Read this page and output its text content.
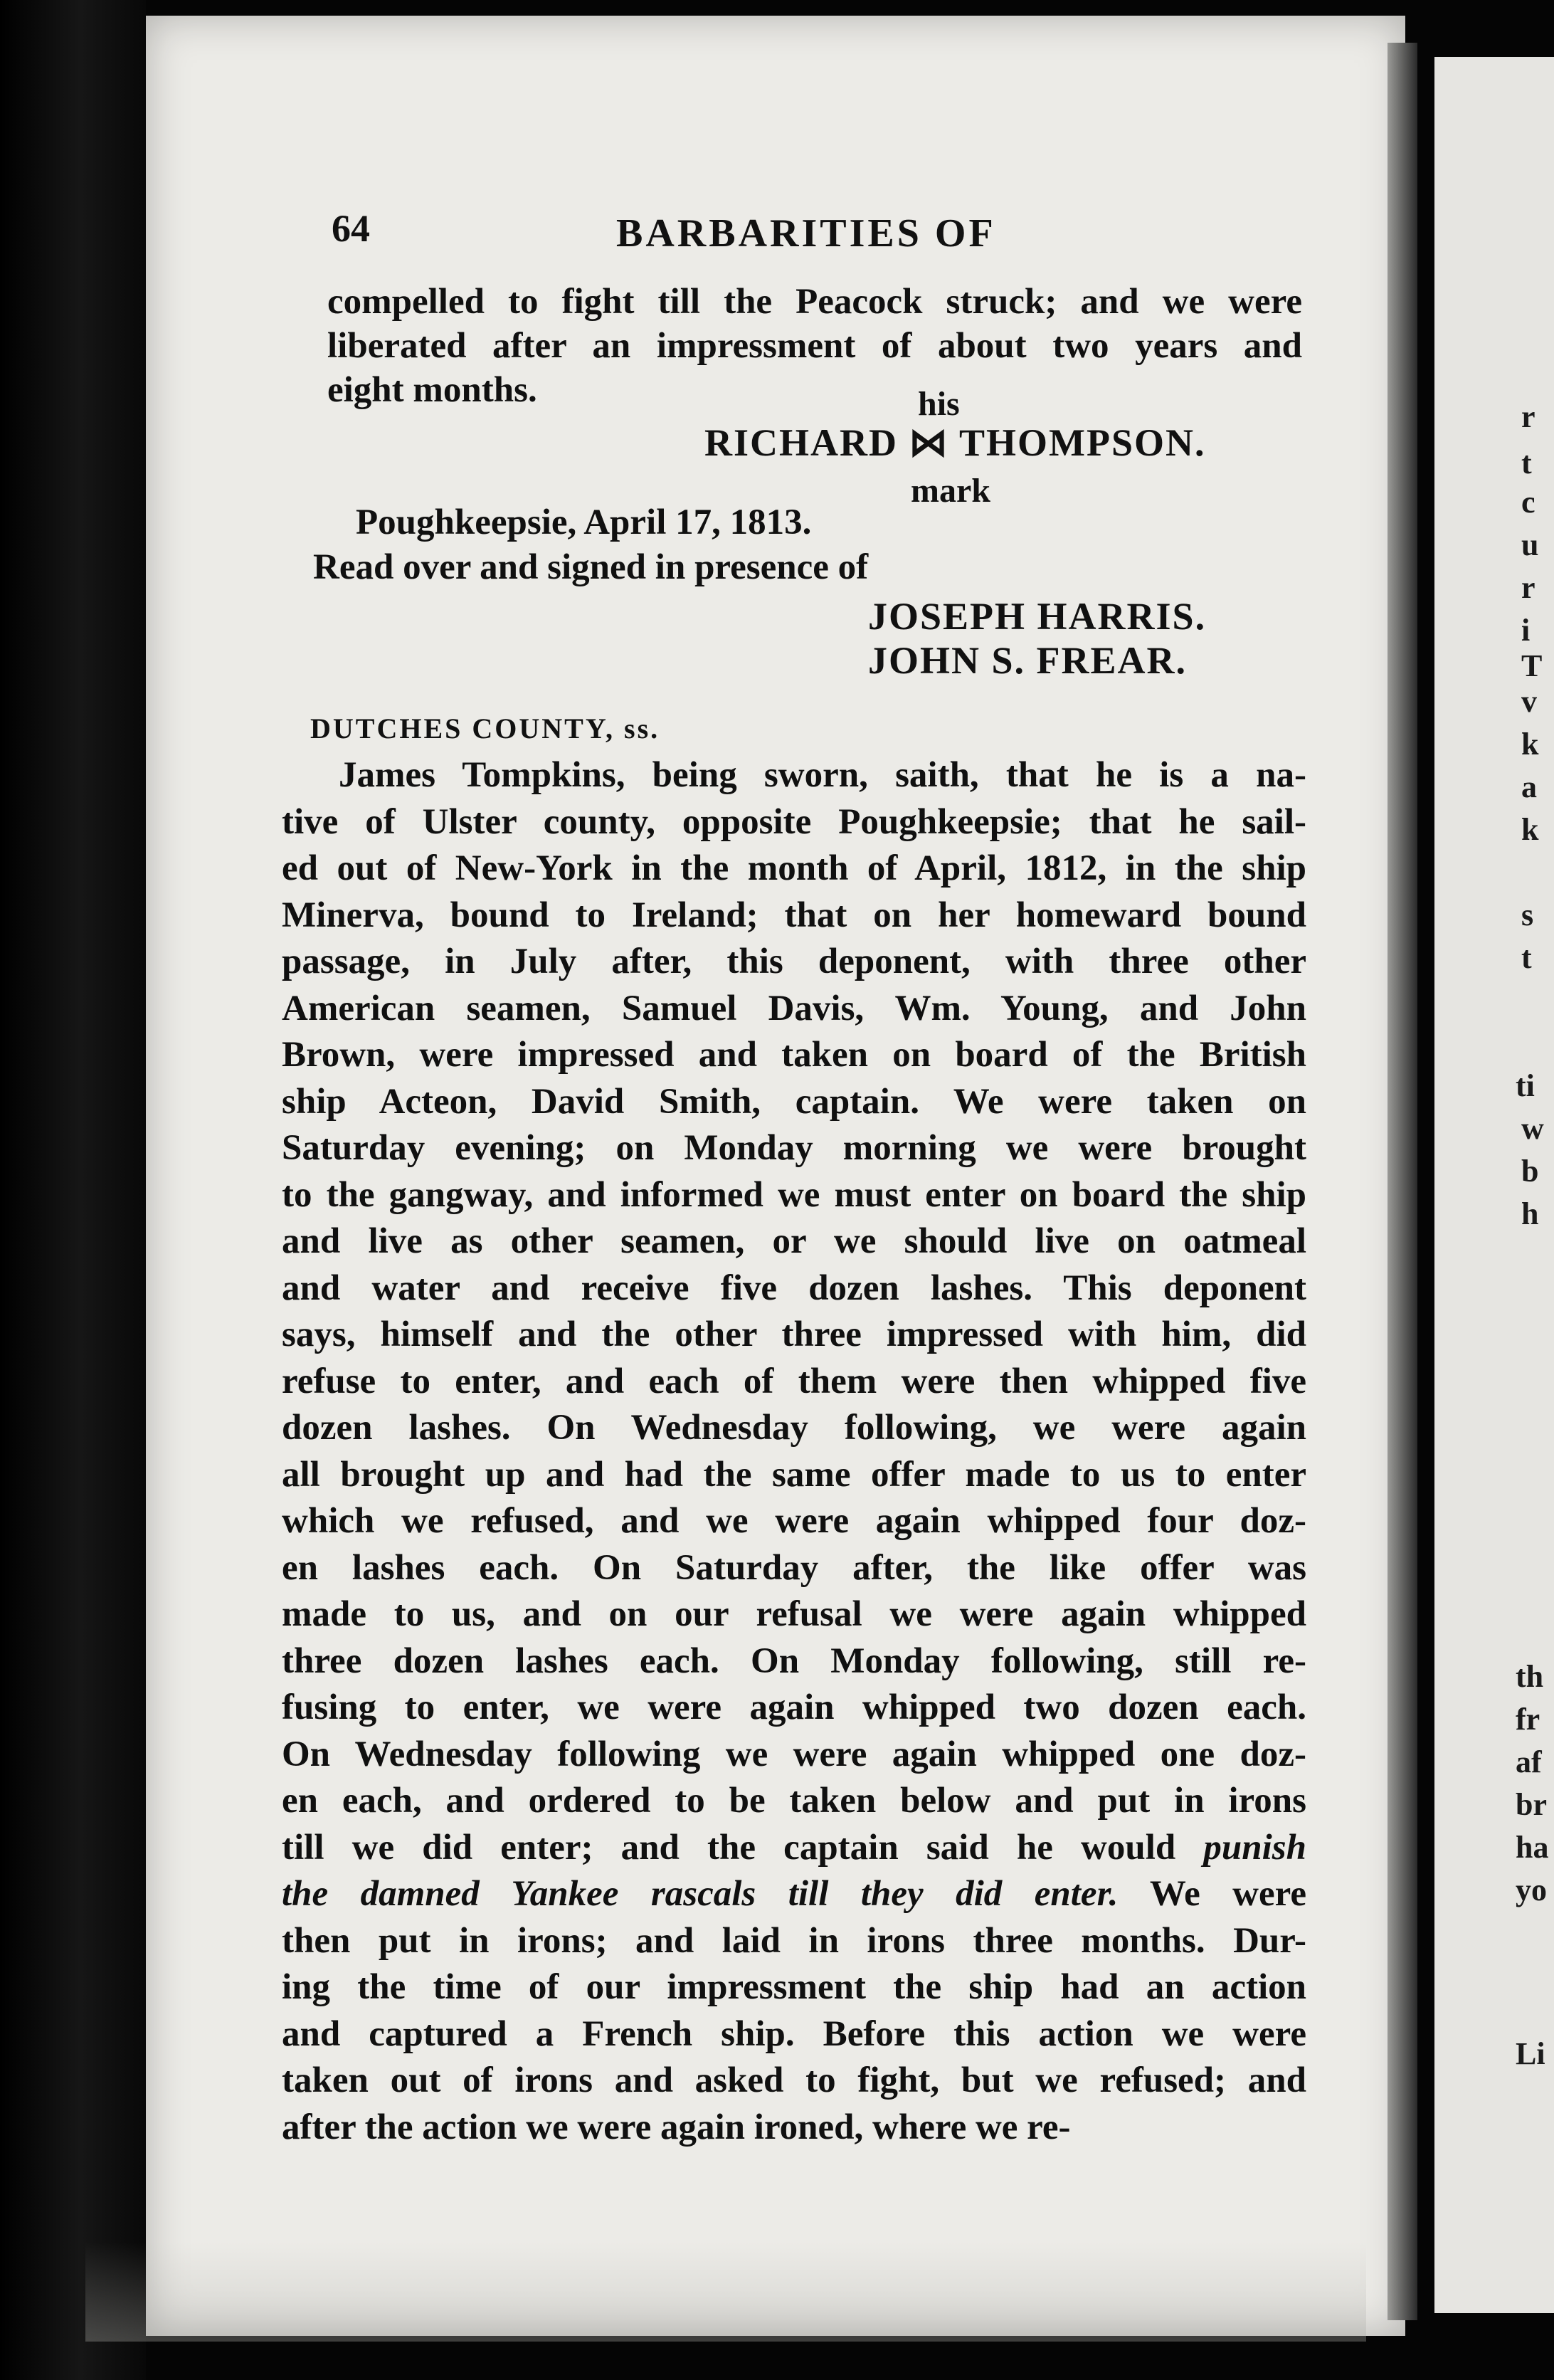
r
t
c
u
r
i
T
v
k
a
k
s
t
ti
w
b
h
th
fr
af
br
ha
yo
Li
64	BARBARITIES OF
compelled to fight till the Peacock struck; and we were
liberated after an impressment of about two years and
eight months.	his
RICHARD ⋈ THOMPSON.
mark
Poughkeepsie, April 17, 1813.
Read over and signed in presence of
JOSEPH HARRIS.
JOHN S. FREAR.
DUTCHES COUNTY, ss.
James Tompkins, being sworn, saith, that he is a na-
tive of Ulster county, opposite Poughkeepsie; that he sail-
ed out of New-York in the month of April, 1812, in the ship
Minerva, bound to Ireland; that on her homeward bound
passage, in July after, this deponent, with three other
American seamen, Samuel Davis, Wm. Young, and John
Brown, were impressed and taken on board of the British
ship Acteon, David Smith, captain. We were taken on
Saturday evening; on Monday morning we were brought
to the gangway, and informed we must enter on board the ship
and live as other seamen, or we should live on oatmeal
and water and receive five dozen lashes. This deponent
says, himself and the other three impressed with him, did
refuse to enter, and each of them were then whipped five
dozen lashes. On Wednesday following, we were again
all brought up and had the same offer made to us to enter
which we refused, and we were again whipped four doz-
en lashes each. On Saturday after, the like offer was
made to us, and on our refusal we were again whipped
three dozen lashes each. On Monday following, still re-
fusing to enter, we were again whipped two dozen each.
On Wednesday following we were again whipped one doz-
en each, and ordered to be taken below and put in irons
till we did enter; and the captain said he would punish
the damned Yankee rascals till they did enter. We were
then put in irons; and laid in irons three months. Dur-
ing the time of our impressment the ship had an action
and captured a French ship. Before this action we were
taken out of irons and asked to fight, but we refused; and
after the action we were again ironed, where we re-
